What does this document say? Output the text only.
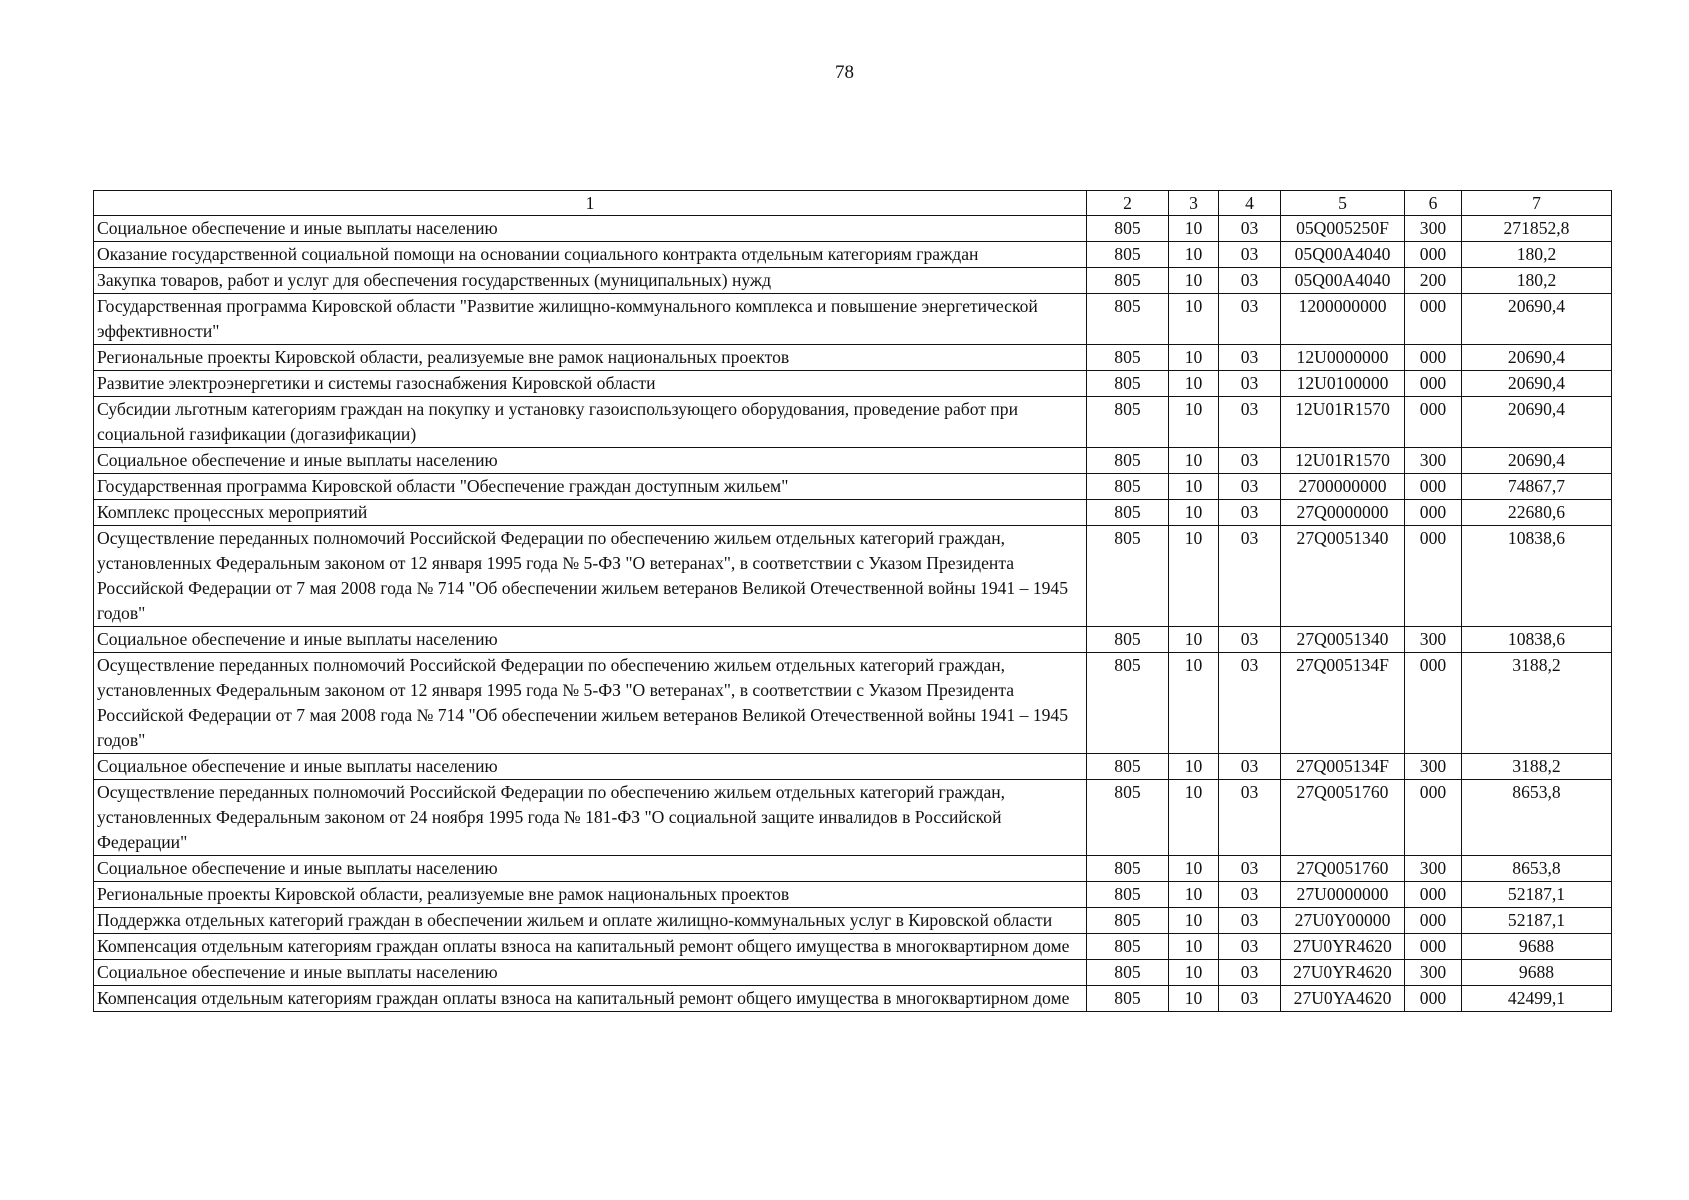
78
1	2	3	4	5	6	7
Социальное обеспечение и иные выплаты населению	805	10	03	05Q005250F	300	271852,8
Оказание государственной социальной помощи на основании социального контракта отдельным категориям граждан	805	10	03	05Q00A4040	000	180,2
Закупка товаров, работ и услуг для обеспечения государственных (муниципальных) нужд	805	10	03	05Q00A4040	200	180,2
Государственная программа Кировской области "Развитие жилищно-коммунального комплекса и повышение энергетической эффективности"	805	10	03	1200000000	000	20690,4
Региональные проекты Кировской области, реализуемые вне рамок национальных проектов	805	10	03	12U0000000	000	20690,4
Развитие электроэнергетики и системы газоснабжения Кировской области	805	10	03	12U0100000	000	20690,4
Субсидии льготным категориям граждан на покупку и установку газоиспользующего оборудования, проведение работ при социальной газификации (догазификации)	805	10	03	12U01R1570	000	20690,4
Социальное обеспечение и иные выплаты населению	805	10	03	12U01R1570	300	20690,4
Государственная программа Кировской области "Обеспечение граждан доступным жильем"	805	10	03	2700000000	000	74867,7
Комплекс процессных мероприятий	805	10	03	27Q0000000	000	22680,6
Осуществление переданных полномочий Российской Федерации по обеспечению жильем отдельных категорий граждан, установленных Федеральным законом от 12 января 1995 года № 5-ФЗ "О ветеранах", в соответствии с Указом Президента Российской Федерации от 7 мая 2008 года № 714 "Об обеспечении жильем ветеранов Великой Отечественной войны 1941 – 1945 годов"	805	10	03	27Q0051340	000	10838,6
Социальное обеспечение и иные выплаты населению	805	10	03	27Q0051340	300	10838,6
Осуществление переданных полномочий Российской Федерации по обеспечению жильем отдельных категорий граждан, установленных Федеральным законом от 12 января 1995 года № 5-ФЗ "О ветеранах", в соответствии с Указом Президента Российской Федерации от 7 мая 2008 года № 714 "Об обеспечении жильем ветеранов Великой Отечественной войны 1941 – 1945 годов"	805	10	03	27Q005134F	000	3188,2
Социальное обеспечение и иные выплаты населению	805	10	03	27Q005134F	300	3188,2
Осуществление переданных полномочий Российской Федерации по обеспечению жильем отдельных категорий граждан, установленных Федеральным законом от 24 ноября 1995 года № 181-ФЗ "О социальной защите инвалидов в Российской Федерации"	805	10	03	27Q0051760	000	8653,8
Социальное обеспечение и иные выплаты населению	805	10	03	27Q0051760	300	8653,8
Региональные проекты Кировской области, реализуемые вне рамок национальных проектов	805	10	03	27U0000000	000	52187,1
Поддержка отдельных категорий граждан в обеспечении жильем и оплате жилищно-коммунальных услуг в Кировской области	805	10	03	27U0Y00000	000	52187,1
Компенсация отдельным категориям граждан оплаты взноса на капитальный ремонт общего имущества в многоквартирном доме	805	10	03	27U0YR4620	000	9688
Социальное обеспечение и иные выплаты населению	805	10	03	27U0YR4620	300	9688
Компенсация отдельным категориям граждан оплаты взноса на капитальный ремонт общего имущества в многоквартирном доме	805	10	03	27U0YA4620	000	42499,1
